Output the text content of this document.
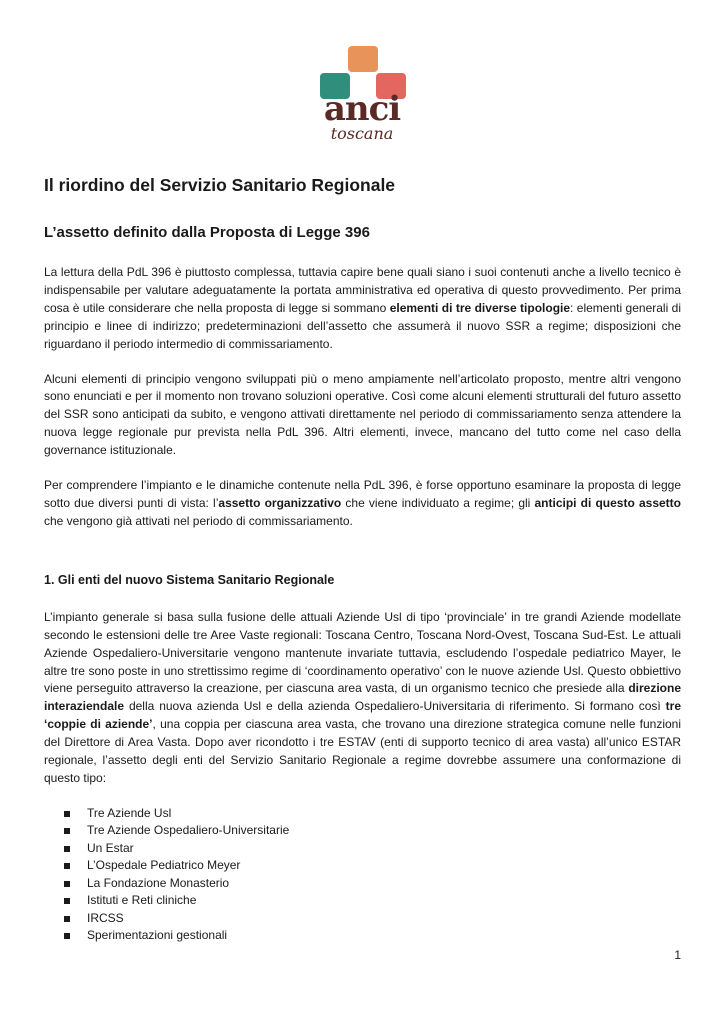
anci
toscana
Il riordino del Servizio Sanitario Regionale
L’assetto definito dalla Proposta di Legge 396

La lettura della PdL 396 è piuttosto complessa, tuttavia capire bene quali siano i suoi contenuti anche a livello tecnico è indispensabile per valutare adeguatamente la portata amministrativa ed operativa di questo provvedimento. Per prima cosa è utile considerare che nella proposta di legge si sommano elementi di tre diverse tipologie: elementi generali di principio e linee di indirizzo; predeterminazioni dell’assetto che assumerà il nuovo SSR a regime; disposizioni che riguardano il periodo intermedio di commissariamento.

Alcuni elementi di principio vengono sviluppati più o meno ampiamente nell’articolato proposto, mentre altri vengono sono enunciati e per il momento non trovano soluzioni operative. Così come alcuni elementi strutturali del futuro assetto del SSR sono anticipati da subito, e vengono attivati direttamente nel periodo di commissariamento senza attendere la nuova legge regionale pur prevista nella PdL 396. Altri elementi, invece, mancano del tutto come nel caso della governance istituzionale.

Per comprendere l’impianto e le dinamiche contenute nella PdL 396, è forse opportuno esaminare la proposta di legge sotto due diversi punti di vista: l’assetto organizzativo che viene individuato a regime; gli anticipi di questo assetto che vengono già attivati nel periodo di commissariamento.

1. Gli enti del nuovo Sistema Sanitario Regionale

L’impianto generale si basa sulla fusione delle attuali Aziende Usl di tipo ‘provinciale’ in tre grandi Aziende modellate secondo le estensioni delle tre Aree Vaste regionali: Toscana Centro, Toscana Nord-Ovest, Toscana Sud-Est. Le attuali Aziende Ospedaliero-Universitarie vengono mantenute invariate tuttavia, escludendo l’ospedale pediatrico Mayer, le altre tre sono poste in uno strettissimo regime di ‘coordinamento operativo’ con le nuove aziende Usl. Questo obbiettivo viene perseguito attraverso la creazione, per ciascuna area vasta, di un organismo tecnico che presiede alla direzione interaziendale della nuova azienda Usl e della azienda Ospedaliero-Universitaria di riferimento. Si formano così tre ‘coppie di aziende’, una coppia per ciascuna area vasta, che trovano una direzione strategica comune nelle funzioni del Direttore di Area Vasta. Dopo aver ricondotto i tre ESTAV (enti di supporto tecnico di area vasta) all’unico ESTAR regionale, l’assetto degli enti del Servizio Sanitario Regionale a regime dovrebbe assumere una conformazione di questo tipo:

Tre Aziende Usl
Tre Aziende Ospedaliero-Universitarie
Un Estar
L’Ospedale Pediatrico Meyer
La Fondazione Monasterio
Istituti e Reti cliniche
IRCSS
Sperimentazioni gestionali
1
